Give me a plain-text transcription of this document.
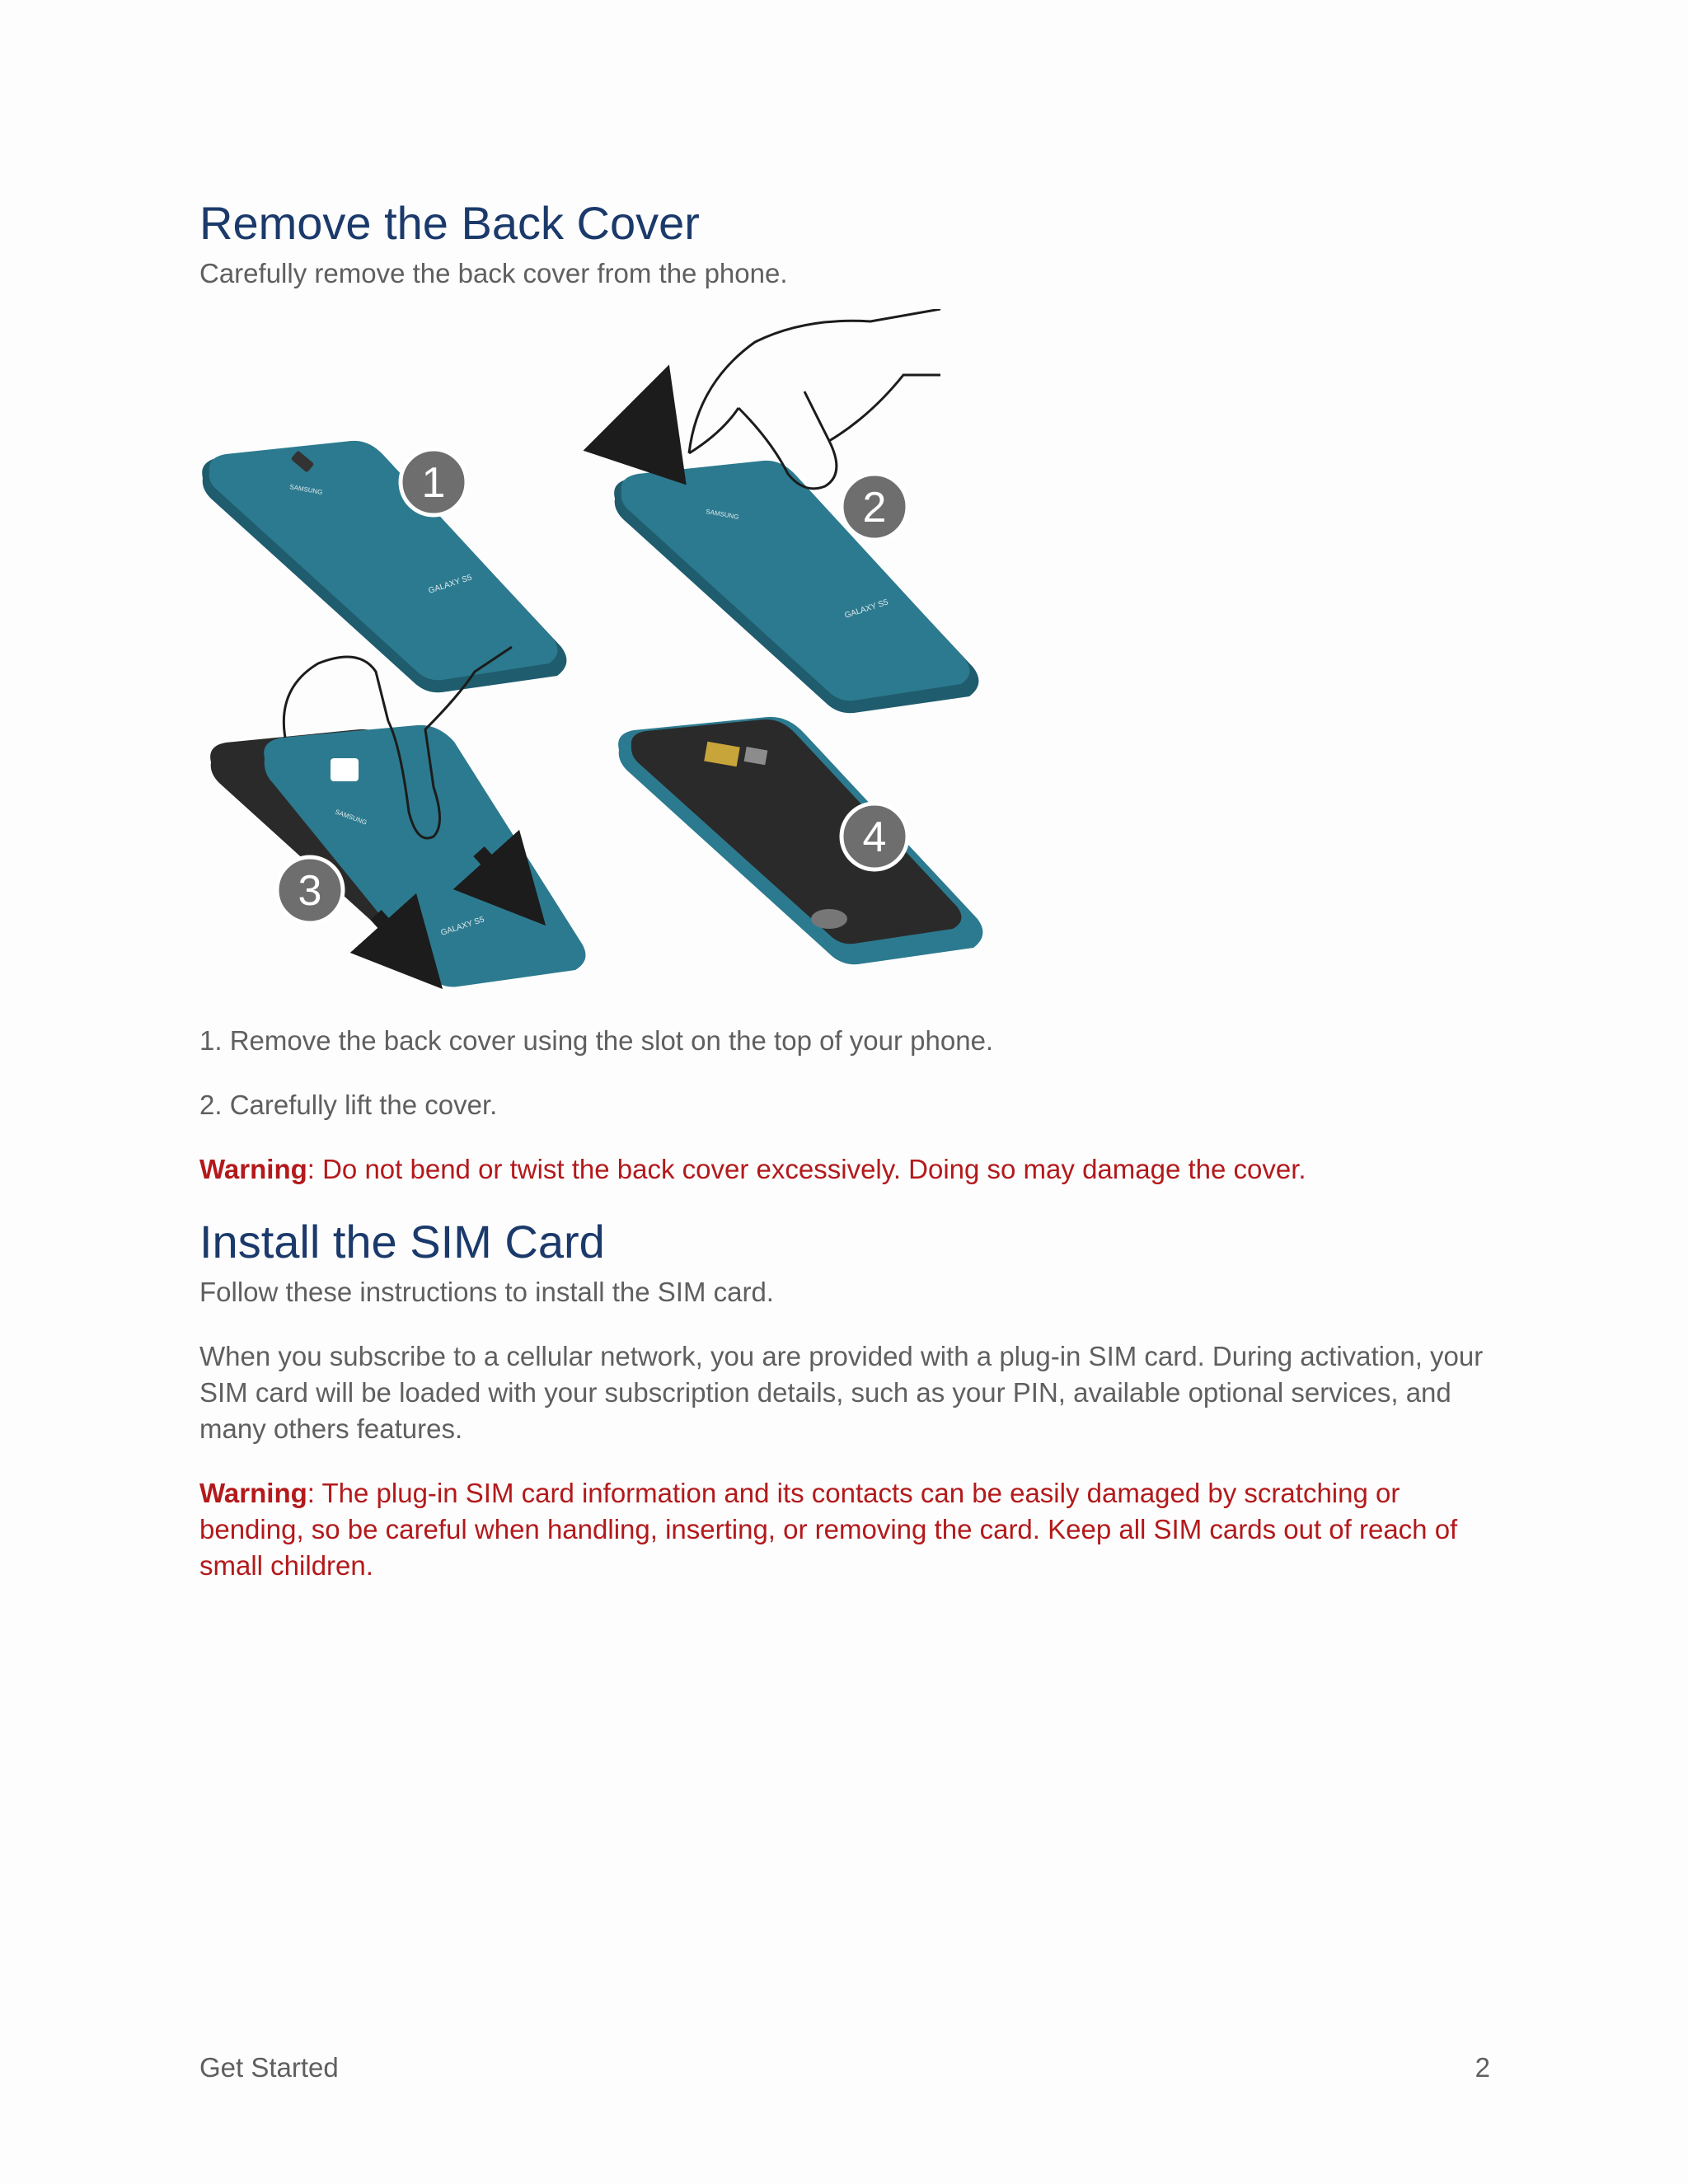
Remove the Back Cover

Carefully remove the back cover from the phone.

SAMSUNG
GALAXY S5
1
SAMSUNG
GALAXY S5
2
SAMSUNG
GALAXY S5
3
4

1. Remove the back cover using the slot on the top of your phone.

2. Carefully lift the cover.

Warning: Do not bend or twist the back cover excessively. Doing so may damage the cover.

Install the SIM Card

Follow these instructions to install the SIM card.

When you subscribe to a cellular network, you are provided with a plug-in SIM card. During activation, your SIM card will be loaded with your subscription details, such as your PIN, available optional services, and many others features.

Warning: The plug-in SIM card information and its contacts can be easily damaged by scratching or bending, so be careful when handling, inserting, or removing the card. Keep all SIM cards out of reach of small children.

Get Started	2
